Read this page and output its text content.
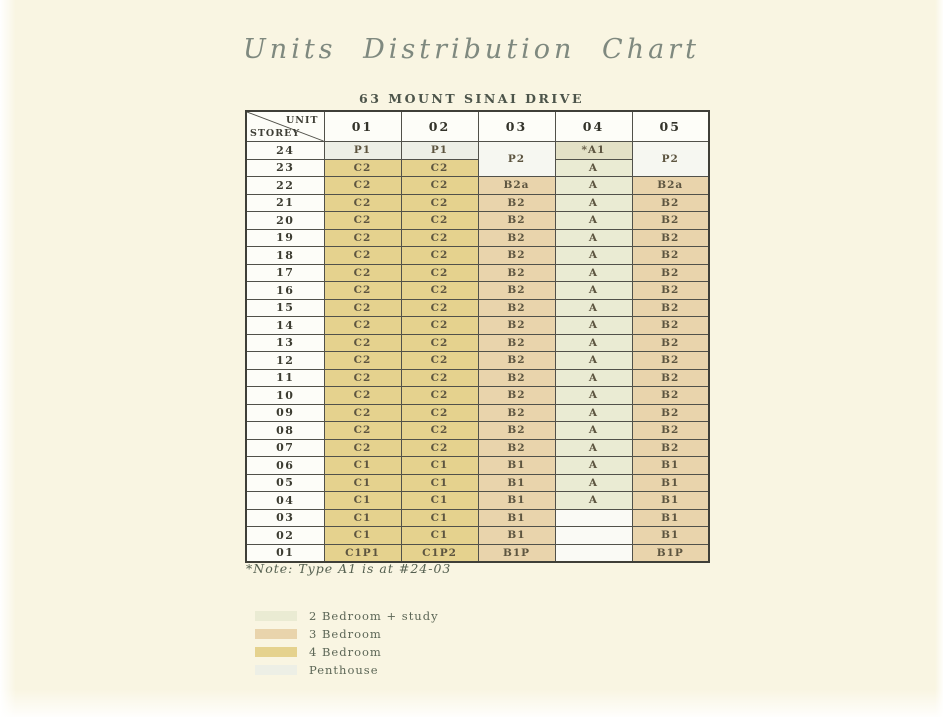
Units Distribution Chart
63 MOUNT SINAI DRIVE
UNIT
STOREY	01	02	03	04	05
24	P1	P1	P2	*A1	P2
23	C2	C2		A	
22	C2	C2	B2a	A	B2a
21	C2	C2	B2	A	B2
20	C2	C2	B2	A	B2
19	C2	C2	B2	A	B2
18	C2	C2	B2	A	B2
17	C2	C2	B2	A	B2
16	C2	C2	B2	A	B2
15	C2	C2	B2	A	B2
14	C2	C2	B2	A	B2
13	C2	C2	B2	A	B2
12	C2	C2	B2	A	B2
11	C2	C2	B2	A	B2
10	C2	C2	B2	A	B2
09	C2	C2	B2	A	B2
08	C2	C2	B2	A	B2
07	C2	C2	B2	A	B2
06	C1	C1	B1	A	B1
05	C1	C1	B1	A	B1
04	C1	C1	B1	A	B1
03	C1	C1	B1		B1
02	C1	C1	B1		B1
01	C1P1	C1P2	B1P		B1P
*Note: Type A1 is at #24-03
2 Bedroom + study
3 Bedroom
4 Bedroom
Penthouse
